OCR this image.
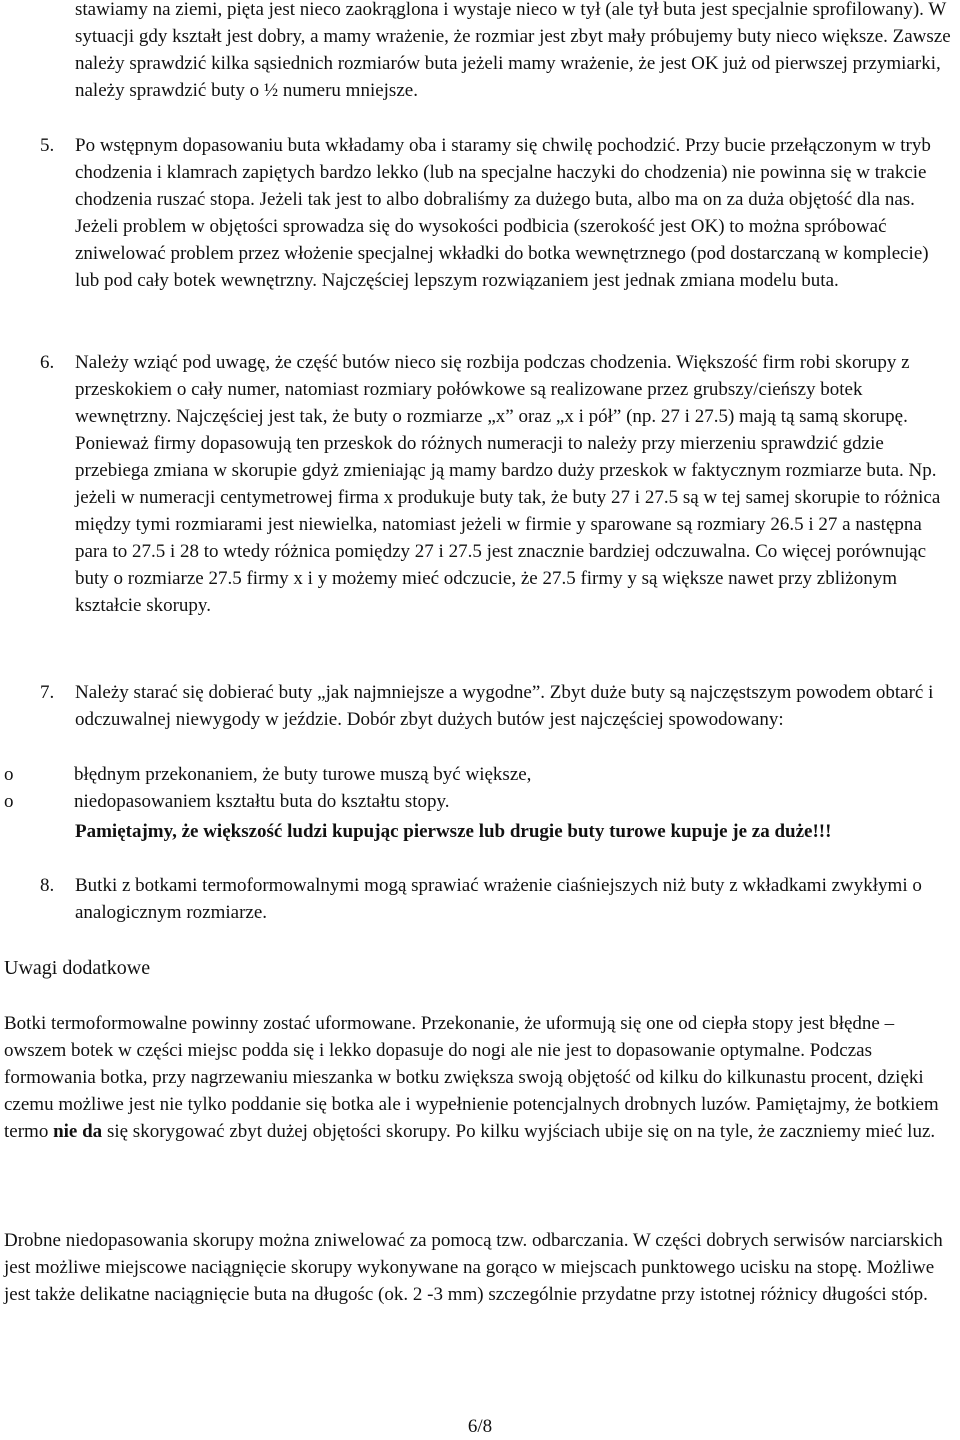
stawiamy na ziemi, pięta jest nieco zaokrąglona i wystaje nieco w tył (ale tył buta jest specjalnie sprofilowany). W sytuacji gdy kształt jest dobry, a mamy wrażenie, że rozmiar jest zbyt mały próbujemy buty nieco większe. Zawsze należy sprawdzić kilka sąsiednich rozmiarów buta jeżeli mamy wrażenie, że jest OK już od pierwszej przymiarki, należy sprawdzić buty o ½ numeru mniejsze.
5.	Po wstępnym dopasowaniu buta wkładamy oba i staramy się chwilę pochodzić. Przy bucie przełączonym w tryb chodzenia i klamrach zapiętych bardzo lekko (lub na specjalne haczyki do chodzenia) nie powinna się w trakcie chodzenia ruszać stopa. Jeżeli tak jest to albo dobraliśmy za dużego buta, albo ma on za duża objętość dla nas. Jeżeli problem w objętości sprowadza się do wysokości podbicia (szerokość jest OK) to można spróbować zniwelować problem przez włożenie specjalnej wkładki do botka wewnętrznego (pod dostarczaną w komplecie) lub pod cały botek wewnętrzny. Najczęściej lepszym rozwiązaniem jest jednak zmiana modelu buta.
6.	Należy wziąć pod uwagę, że część butów nieco się rozbija podczas chodzenia. Większość firm robi skorupy z przeskokiem o cały numer, natomiast rozmiary połówkowe są realizowane przez grubszy/cieńszy botek wewnętrzny. Najczęściej jest tak, że buty o rozmiarze „x” oraz „x i pół” (np. 27 i 27.5) mają tą samą skorupę. Ponieważ firmy dopasowują ten przeskok do różnych numeracji to należy przy mierzeniu sprawdzić gdzie przebiega zmiana w skorupie gdyż zmieniając ją mamy bardzo duży przeskok w faktycznym rozmiarze buta. Np. jeżeli w numeracji centymetrowej firma x produkuje buty tak, że buty 27 i 27.5 są w tej samej skorupie to różnica między tymi rozmiarami jest niewielka, natomiast jeżeli w firmie y sparowane są rozmiary 26.5 i 27 a następna para to 27.5 i 28 to wtedy różnica pomiędzy 27 i 27.5 jest znacznie bardziej odczuwalna. Co więcej porównując buty o rozmiarze 27.5 firmy x i y możemy mieć odczucie, że 27.5 firmy y są większe nawet przy zbliżonym kształcie skorupy.
7.	Należy starać się dobierać buty „jak najmniejsze a wygodne”. Zbyt duże buty są najczęstszym powodem obtarć i odczuwalnej niewygody w jeździe. Dobór zbyt dużych butów jest najczęściej spowodowany:
o	błędnym przekonaniem, że buty turowe muszą być większe,
o	niedopasowaniem kształtu buta do kształtu stopy.
Pamiętajmy, że większość ludzi kupując pierwsze lub drugie buty turowe kupuje je za duże!!!
8.	Butki z botkami termoformowalnymi mogą sprawiać wrażenie ciaśniejszych niż buty z wkładkami zwykłymi o analogicznym rozmiarze.
Uwagi dodatkowe
Botki termoformowalne powinny zostać uformowane. Przekonanie, że uformują się one od ciepła stopy jest błędne – owszem botek w części miejsc podda się i lekko dopasuje do nogi ale nie jest to dopasowanie optymalne. Podczas formowania botka, przy nagrzewaniu mieszanka w botku zwiększa swoją objętość od kilku do kilkunastu procent, dzięki czemu możliwe jest nie tylko poddanie się botka ale i wypełnienie potencjalnych drobnych luzów. Pamiętajmy, że botkiem termo nie da się skorygować zbyt dużej objętości skorupy. Po kilku wyjściach ubije się on na tyle, że zaczniemy mieć luz.
Drobne niedopasowania skorupy można zniwelować za pomocą tzw. odbarczania. W części dobrych serwisów narciarskich jest możliwe miejscowe naciągnięcie skorupy wykonywane na gorąco w miejscach punktowego ucisku na stopę. Możliwe jest także delikatne naciągnięcie buta na długośc (ok. 2 -3 mm) szczególnie przydatne przy istotnej różnicy długości stóp.
6/8
